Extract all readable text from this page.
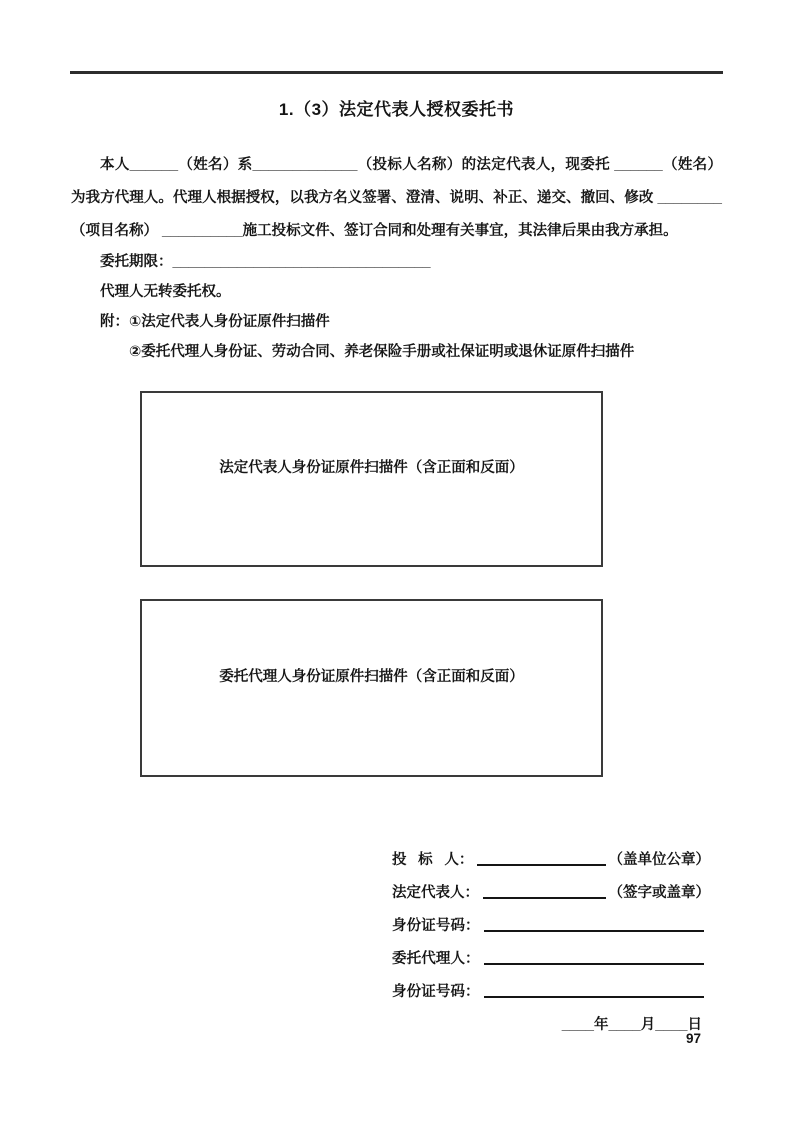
1.（3）法定代表人授权委托书
本人______（姓名）系_____________（投标人名称）的法定代表人，现委托 ______（姓名）为我方代理人。代理人根据授权，以我方名义签署、澄清、说明、补正、递交、撤回、修改 ________（项目名称） __________施工投标文件、签订合同和处理有关事宜，其法律后果由我方承担。
委托期限：________________________________
代理人无转委托权。
附：①法定代表人身份证原件扫描件
②委托代理人身份证、劳动合同、养老保险手册或社保证明或退休证原件扫描件
法定代表人身份证原件扫描件（含正面和反面）
委托代理人身份证原件扫描件（含正面和反面）
投标人 ：	（盖单位公章）
法定代表人 ：	（签字或盖章）
身份证号码 ：
委托代理人 ：
身份证号码 ：
____年____月____日
97
